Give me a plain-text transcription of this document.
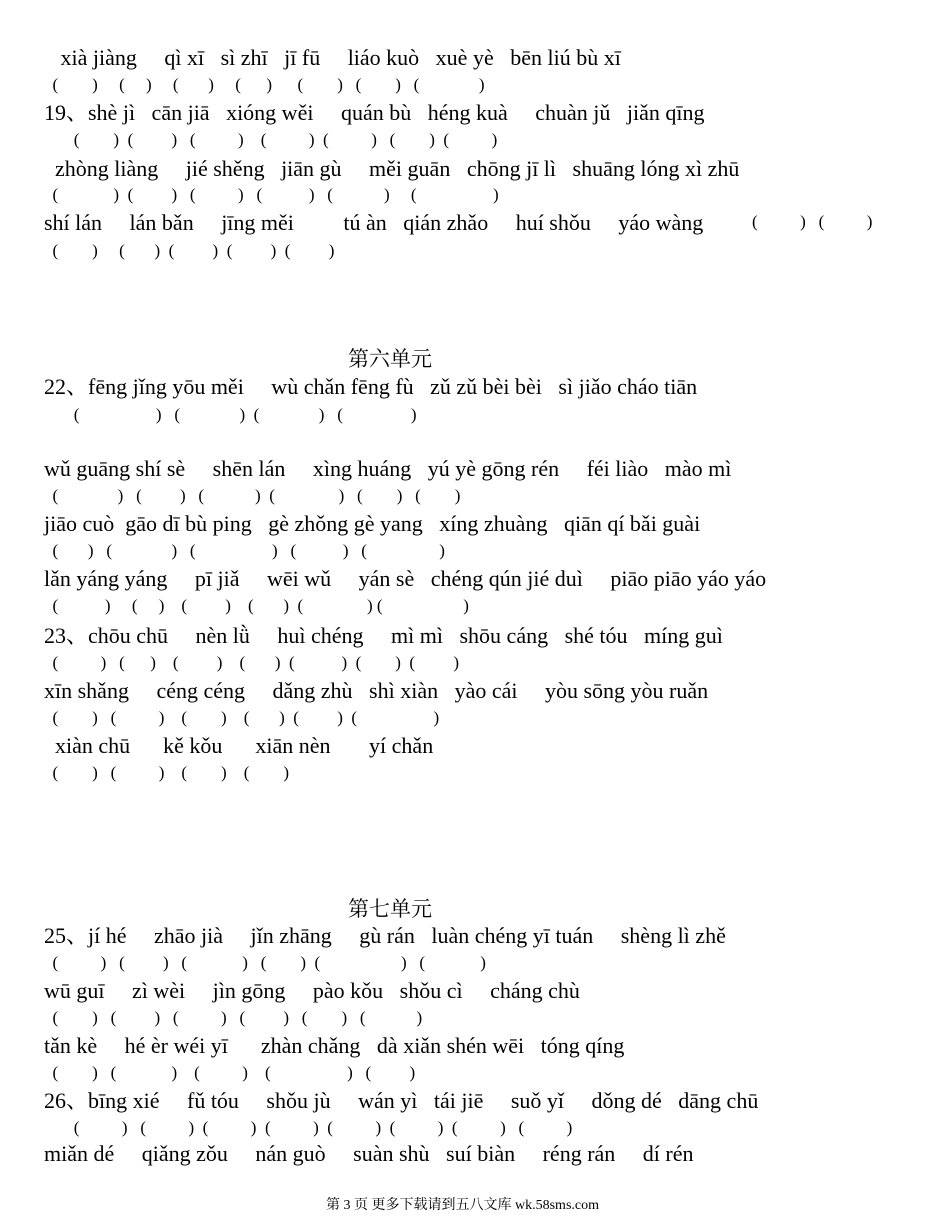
xià jiàng     qì xī   sì zhī   jī fū     liáo kuò   xuè yè   bēn liú bù xī
(        )     (     )     (       )     (      )      (        )   (        )   (              )
19、shè jì   cān jiā   xióng wěi     quán bù   héng kuà     chuàn jǔ   jiǎn qīng
(        )  (         )   (          )    (          )  (          )   (        )  (          )
zhòng liàng     jié shěng   jiān gù     měi guān   chōng jī lì   shuāng lóng xì zhū
(             )  (         )   (          )   (           )   (            )     (                  )
shí lán     lán bǎn     jīng měi         tú àn   qián zhǎo     huí shǒu     yáo wàng	(          )   (          )
(        )     (       )  (         )  (         )  (         )
第六单元
22、fēng jǐng yōu měi     wù chǎn fēng fù   zǔ zǔ bèi bèi   sì jiǎo cháo tiān
(                  )   (              )  (              )   (                )
wǔ guāng shí sè     shēn lán     xìng huáng   yú yè gōng rén     féi liào   mào mì
(              )   (         )   (            )  (               )   (        )   (        )
jiāo cuò  gāo dī bù ping   gè zhǒng gè yang   xíng zhuàng   qiān qí bǎi guài
(       )   (              )   (                  )   (           )   (                 )
lǎn yáng yáng     pī jiǎ     wēi wǔ     yán sè   chéng qún jié duì     piāo piāo yáo yáo
(           )     (     )    (         )    (       )  (               ) (                   )
23、chōu chū     nèn lǜ     huì chéng     mì mì   shōu cáng   shé tóu   míng guì
(          )   (      )    (         )    (       )  (           )  (        )  (         )
xīn shǎng     céng céng     dǎng zhù   shì xiàn   yào cái     yòu sōng yòu ruǎn
(        )   (          )    (        )    (       )  (         )  (                  )
xiàn chū      kě kǒu      xiān nèn       yí chǎn
(        )   (          )    (        )    (        )
第七单元
25、jí hé     zhāo jià     jǐn zhāng     gù rán   luàn chéng yī tuán     shèng lì zhě
(          )   (         )   (             )   (        )  (                   )   (             )
wū guī     zì wèi     jìn gōng     pào kǒu   shǒu cì     cháng chù
(        )   (         )   (          )   (         )   (        )   (            )
tǎn kè     hé èr wéi yī      zhàn chǎng   dà xiǎn shén wēi   tóng qíng
(        )   (             )    (          )    (                  )   (         )
26、bīng xié     fǔ tóu     shǒu jù     wán yì   tái jiē     suǒ yǐ     dǒng dé   dāng chū
(          )   (          )  (          )  (          )  (          )  (          )  (          )   (          )
miǎn dé     qiǎng zǒu     nán guò     suàn shù   suí biàn     réng rán     dí rén
第 3 页 更多下载请到五八文库 wk.58sms.com
